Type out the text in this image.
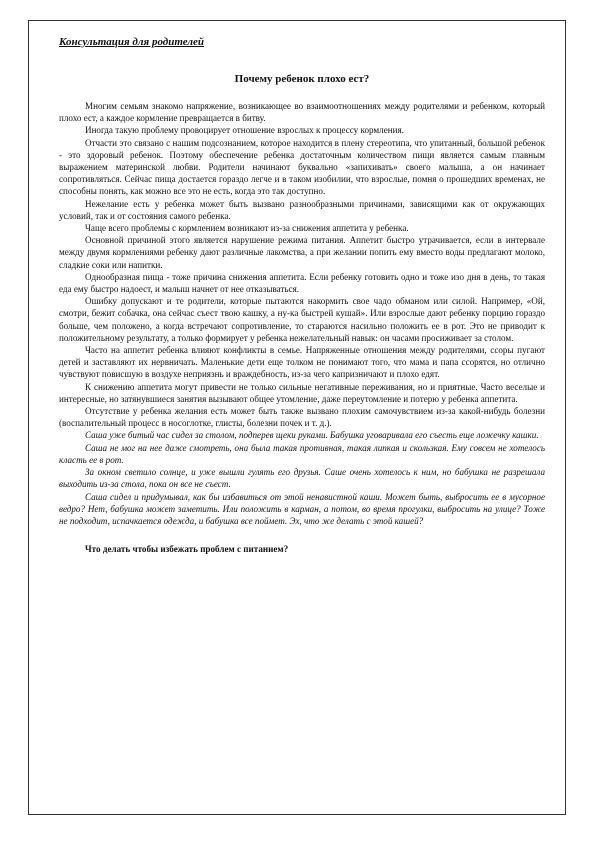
Консультация для родителей
Почему ребенок плохо ест?

Многим семьям знакомо напряжение, возникающее во взаимоотношениях между родителями и ребенком, который плохо ест, а каждое кормление превращается в битву.

Иногда такую проблему провоцирует отношение взрослых к процессу кормления.

Отчасти это связано с нашим подсознанием, которое находится в плену стереотипа, что упитанный, большой ребенок - это здоровый ребенок. Поэтому обеспечение ребенка достаточным количеством пищи является самым главным выражением материнской любви. Родители начинают буквально «запихивать» своего малыша, а он начинает сопротивляться. Сейчас пища достается гораздо легче и в таком изобилии, что взрослые, помня о прошедших временах, не способны понять, как можно все это не есть, когда это так доступно.

Нежелание есть у ребенка может быть вызвано разнообразными причинами, зависящими как от окружающих условий, так и от состояния самого ребенка.

Чаще всего проблемы с кормлением возникают из-за снижения аппетита у ребенка.

Основной причиной этого является нарушение режима питания. Аппетит быстро утрачивается, если в интервале между двумя кормлениями ребенку дают различные лакомства, а при желании попить ему вместо воды предлагают молоко, сладкие соки или напитки.

Однообразная пища - тоже причина снижения аппетита. Если ребенку готовить одно и тоже изо дня в день, то такая еда ему быстро надоест, и малыш начнет от нее отказываться.

Ошибку допускают и те родители, которые пытаются накормить свое чадо обманом или силой. Например, «Ой, смотри, бежит собачка, она сейчас съест твою кашку, а ну-ка быстрей кушай». Или взрослые дают ребенку порцию гораздо больше, чем положено, а когда встречают сопротивление, то стараются насильно положить ее в рот. Это не приводит к положительному результату, а только формирует у ребенка нежелательный навык: он часами просиживает за столом.

Часто на аппетит ребенка влияют конфликты в семье. Напряженные отношения между родителями, ссоры пугают детей и заставляют их нервничать. Маленькие дети еще толком не понимают того, что мама и папа ссорятся, но отлично чувствуют повисшую в воздухе неприязнь и враждебность, из-за чего капризничают и плохо едят.

К снижению аппетита могут привести не только сильные негативные переживания, но и приятные. Часто веселые и интересные, но затянувшиеся занятия вызывают общее утомление, даже переутомление и потерю у ребенка аппетита.

Отсутствие у ребенка желания есть может быть также вызвано плохим самочувствием из-за какой-нибудь болезни (воспалительный процесс в носоглотке, глисты, болезни почек и т. д.).

Саша уже битый час сидел за столом, подперев щеки руками. Бабушка уговаривала его съесть еще ложечку кашки.

Саша не мог на нее даже смотреть, она была такая противная, такая липкая и скользкая. Ему совсем не хотелось класть ее в рот.

За окном светило солнце, и уже вышли гулять его друзья. Саше очень хотелось к ним, но бабушка не разрешала выходить из-за стола, пока он все не съест.

Саша сидел и придумывал, как бы избавиться от этой ненавистной каши. Может быть, выбросить ее в мусорное ведро? Нет, бабушка может заметить. Или положить в карман, а потом, во время прогулки, выбросить на улице? Тоже не подходит, испачкается одежда, и бабушка все поймет. Эх, что же делать с этой кашей?

Что делать чтобы избежать проблем с питанием?
